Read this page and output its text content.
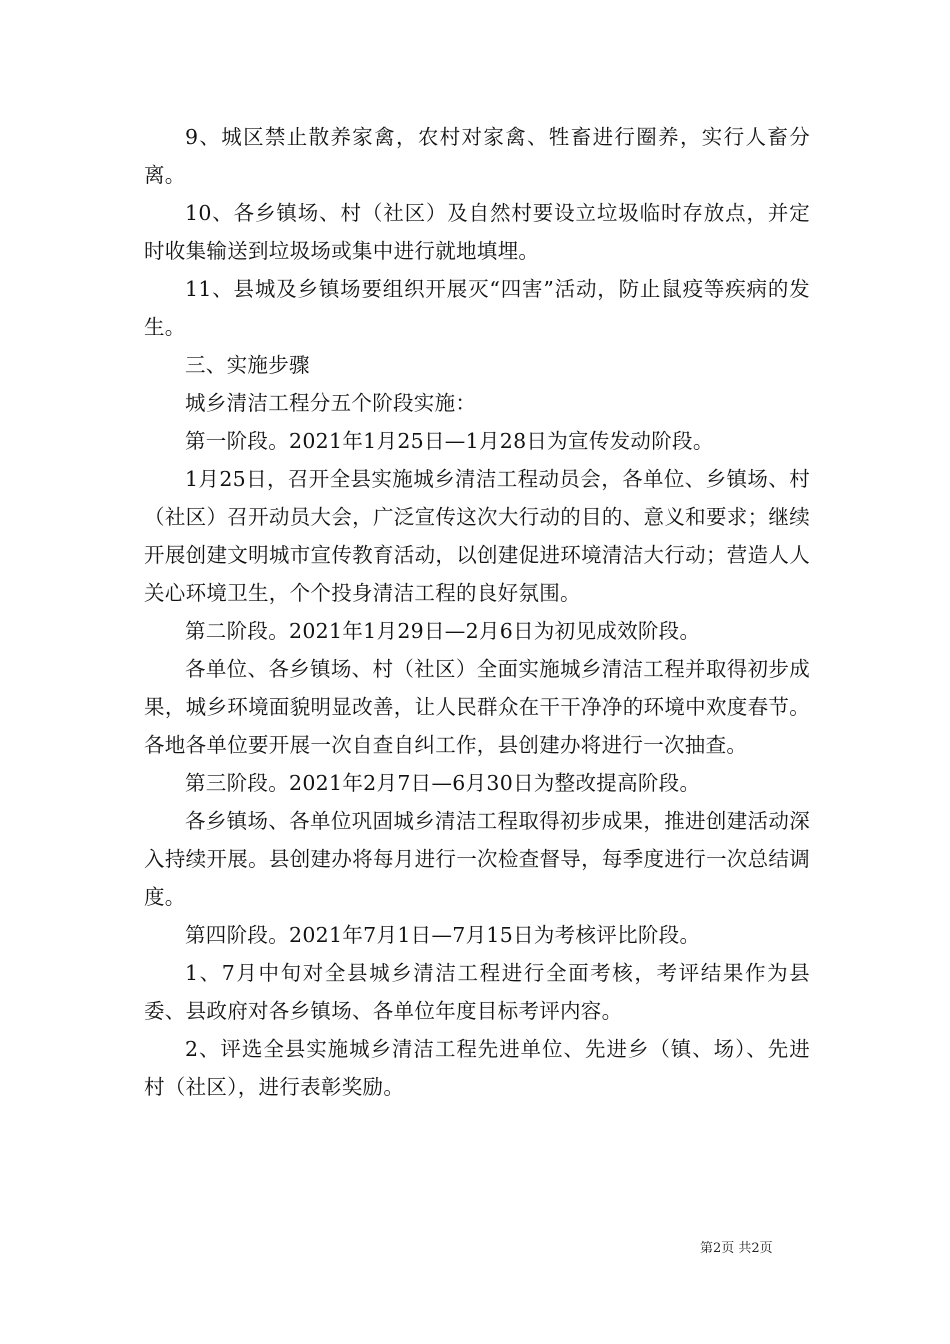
9、城区禁止散养家禽，农村对家禽、牲畜进行圈养，实行人畜分离。

10、各乡镇场、村（社区）及自然村要设立垃圾临时存放点，并定时收集输送到垃圾场或集中进行就地填埋。

11、县城及乡镇场要组织开展灭“四害”活动，防止鼠疫等疾病的发生。

三、实施步骤

城乡清洁工程分五个阶段实施：

第一阶段。2021年1月25日—1月28日为宣传发动阶段。

1月25日，召开全县实施城乡清洁工程动员会，各单位、乡镇场、村（社区）召开动员大会，广泛宣传这次大行动的目的、意义和要求；继续开展创建文明城市宣传教育活动，以创建促进环境清洁大行动；营造人人关心环境卫生，个个投身清洁工程的良好氛围。

第二阶段。2021年1月29日—2月6日为初见成效阶段。

各单位、各乡镇场、村（社区）全面实施城乡清洁工程并取得初步成果，城乡环境面貌明显改善，让人民群众在干干净净的环境中欢度春节。各地各单位要开展一次自查自纠工作，县创建办将进行一次抽查。

第三阶段。2021年2月7日—6月30日为整改提高阶段。

各乡镇场、各单位巩固城乡清洁工程取得初步成果，推进创建活动深入持续开展。县创建办将每月进行一次检查督导，每季度进行一次总结调度。

第四阶段。2021年7月1日—7月15日为考核评比阶段。

1、7月中旬对全县城乡清洁工程进行全面考核，考评结果作为县委、县政府对各乡镇场、各单位年度目标考评内容。

2、评选全县实施城乡清洁工程先进单位、先进乡（镇、场）、先进村（社区），进行表彰奖励。

第2页 共2页
